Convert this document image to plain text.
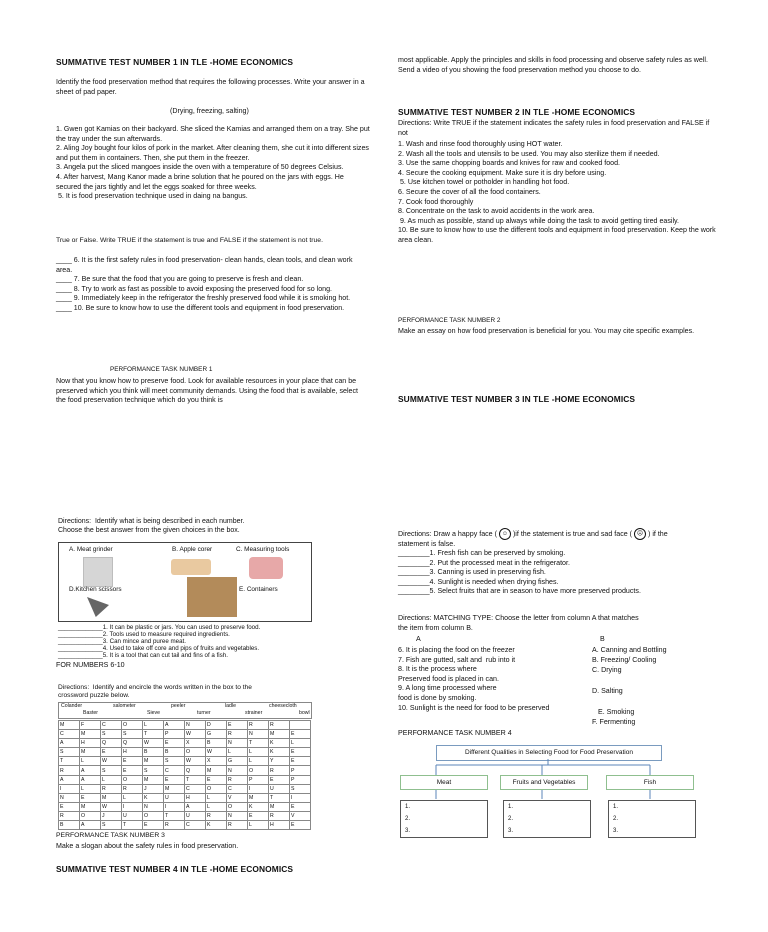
SUMMATIVE TEST NUMBER 1 IN TLE -HOME ECONOMICS

Identify the food preservation method that requires the following processes. Write your answer in a  sheet of pad paper.

(Drying, freezing, salting)

1. Gwen got Kamias on their backyard. She sliced the Kamias and arranged them on a tray. She put the tray under the sun afterwards.

2. Aling Joy bought four kilos of pork in the market. After cleaning them, she cut it into different sizes and put them in containers. Then, she put them in the freezer.

3. Angela put the sliced mangoes inside the oven with a temperature of 50 degrees Celsius.

4. After harvest, Mang Kanor made a brine solution that he poured on the jars with eggs. He secured the jars tightly and let the eggs soaked for three weeks.

5. It is food preservation technique used in daing na bangus.

True or False. Write TRUE if the statement is true and FALSE if the statement is not true.

____ 6. It is the first safety rules in food preservation- clean hands, clean tools, and clean work area.

____ 7. Be sure that the food that you are going to preserve is fresh and clean.

____ 8. Try to work as fast as possible to avoid exposing the preserved food for so long.

____ 9. Immediately keep in the refrigerator the freshly preserved food while it is smoking hot.

____ 10. Be sure to know how to use the different tools and equipment in food preservation.

PERFORMANCE TASK NUMBER 1

Now that you know how to preserve food. Look for available resources in your place that can be preserved which you think will meet community demands. Using the food that is available, select the food preservation technique which do you think is

Directions:  Identify what is being described in each number.
Choose the best answer from the given choices in the box.

A. Meat grinder	B. Apple corer	C. Measuring tools
D.Kitchen scissors	E. Containers
_____________1. It can be plastic or jars. You can used to preserve food.
_____________2. Tools used to measure required ingredients.
_____________3. Can mince and puree meat.
_____________4. Used to take off core and pips of fruits and vegetables.
_____________5. It is a tool that can cut tail and fins of a fish.
FOR NUMBERS 6-10

Directions:  Identify and encircle the words written in the box to the
crossword puzzle below.

Colander	salometer	peeler	ladle	cheesecloth
Baster	Sieve	turner	strainer	bowl
M	F	C	O	L	A	N	D	E	R	R	
C	M	S	S	T	P	W	G	R	N	M	E
A	H	Q	Q	W	E	X	B	N	T	K	L
S	M	E	H	B	B	O	W	L	L	K	E
T	L	W	E	M	S	W	X	G	L	Y	E
R	A	S	E	S	C	Q	M	N	O	R	P
A	A	L	O	M	E	T	E	R	P	E	P
I	L	R	R	J	M	C	O	C	I	U	S
N	E	M	L	K	U	H	L	V	M	T	I
E	M	W	I	N	I	A	L	O	K	M	E
R	O	J	U	O	T	U	R	N	E	R	V
B	A	S	T	E	R	C	K	R	L	H	E
PERFORMANCE TASK NUMBER 3
Make a slogan about the safety rules in food preservation.
SUMMATIVE TEST NUMBER 4 IN TLE -HOME ECONOMICS

most applicable. Apply the principles and skills in food processing and observe safety rules as well.
Send a video of you showing the food preservation method you choose to do.

SUMMATIVE TEST NUMBER 2 IN TLE -HOME ECONOMICS

Directions: Write TRUE if the statement indicates the safety rules in food preservation and FALSE if not

1. Wash and rinse food thoroughly using HOT water.

2. Wash all the tools and utensils to be used. You may also sterilize them if needed.

3. Use the same chopping boards and knives for raw and cooked food.

4. Secure the cooking equipment. Make sure it is dry before using.

5. Use kitchen towel or potholder in handling hot food.

6. Secure the cover of all the food containers.

7. Cook food thoroughly

8. Concentrate on the task to avoid accidents in the work area.

9. As much as possible, stand up always while doing the task to avoid getting tired easily.

10. Be sure to know how to use the different tools and equipment in food preservation. Keep the work area clean.

PERFORMANCE TASK NUMBER 2

Make an essay on how food preservation is beneficial for you. You may cite specific examples.

SUMMATIVE TEST NUMBER 3 IN TLE -HOME ECONOMICS
Directions: Draw a happy face ( ☺ )if the statement is true and sad face ( ☹ ) if the
statement is false.

________1. Fresh fish can be preserved by smoking.

________2. Put the processed meat in the refrigerator.

________3. Canning is used in preserving fish.

________4. Sunlight is needed when drying fishes.

________5. Select fruits that are in season to have more preserved products.

Directions: MATCHING TYPE: Choose the letter from column A that matches the item from column B.

A	B

6. It is placing the food on the freezer

7. Fish are gutted, salt and  rub into it

8. It is the process where

Preserved food is placed in can.

9. A long time processed where

food is done by smoking.

10. Sunlight is the need for food to be preserved

A. Canning and Bottling
B. Freezing/ Cooling
C. Drying
D. Salting
E. Smoking
F. Fermenting
PERFORMANCE TASK NUMBER 4
Different Qualities in Selecting Food for Food Preservation
Meat	Fruits and Vegetables	Fish
1.
2.
3.
1.
2.
3.
1.
2.
3.
